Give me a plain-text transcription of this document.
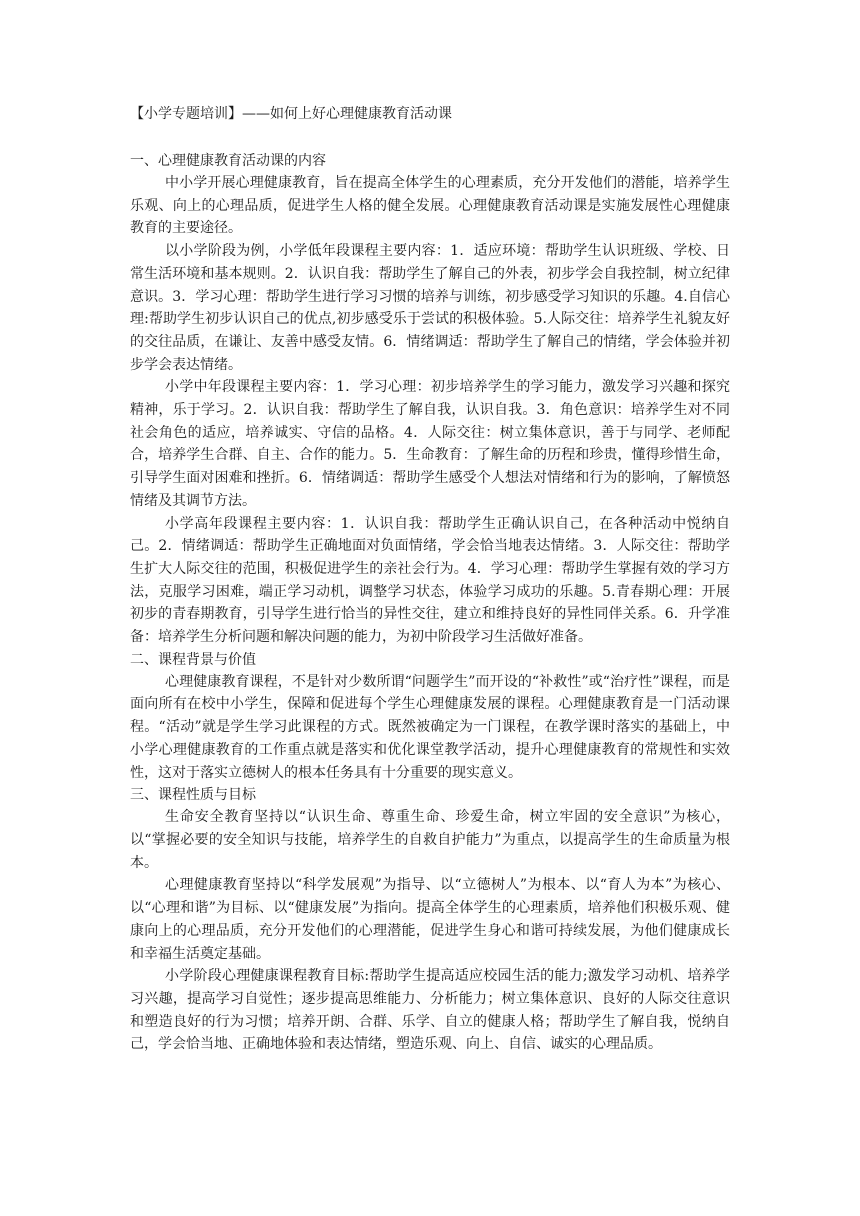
【小学专题培训】——如何上好心理健康教育活动课
一、心理健康教育活动课的内容

中小学开展心理健康教育，旨在提高全体学生的心理素质，充分开发他们的潜能，培养学生乐观、向上的心理品质，促进学生人格的健全发展。心理健康教育活动课是实施发展性心理健康教育的主要途径。

以小学阶段为例，小学低年段课程主要内容：1．适应环境：帮助学生认识班级、学校、日常生活环境和基本规则。2．认识自我：帮助学生了解自己的外表，初步学会自我控制，树立纪律意识。3．学习心理：帮助学生进行学习习惯的培养与训练，初步感受学习知识的乐趣。4.自信心理:帮助学生初步认识自己的优点,初步感受乐于尝试的积极体验。5.人际交往：培养学生礼貌友好的交往品质，在谦让、友善中感受友情。6．情绪调适：帮助学生了解自己的情绪，学会体验并初步学会表达情绪。

小学中年段课程主要内容：1．学习心理：初步培养学生的学习能力，激发学习兴趣和探究精神，乐于学习。2．认识自我：帮助学生了解自我，认识自我。3．角色意识：培养学生对不同社会角色的适应，培养诚实、守信的品格。4．人际交往：树立集体意识，善于与同学、老师配合，培养学生合群、自主、合作的能力。5．生命教育：了解生命的历程和珍贵，懂得珍惜生命，引导学生面对困难和挫折。6．情绪调适：帮助学生感受个人想法对情绪和行为的影响，了解愤怒情绪及其调节方法。

小学高年段课程主要内容：1．认识自我：帮助学生正确认识自己，在各种活动中悦纳自己。2．情绪调适：帮助学生正确地面对负面情绪，学会恰当地表达情绪。3．人际交往：帮助学生扩大人际交往的范围，积极促进学生的亲社会行为。4．学习心理：帮助学生掌握有效的学习方法，克服学习困难，端正学习动机，调整学习状态，体验学习成功的乐趣。5.青春期心理：开展初步的青春期教育，引导学生进行恰当的异性交往，建立和维持良好的异性同伴关系。6．升学准备：培养学生分析问题和解决问题的能力，为初中阶段学习生活做好准备。

二、课程背景与价值

心理健康教育课程，不是针对少数所谓“问题学生”而开设的“补救性”或“治疗性”课程，而是面向所有在校中小学生，保障和促进每个学生心理健康发展的课程。心理健康教育是一门活动课程。“活动”就是学生学习此课程的方式。既然被确定为一门课程，在教学课时落实的基础上，中小学心理健康教育的工作重点就是落实和优化课堂教学活动，提升心理健康教育的常规性和实效性，这对于落实立德树人的根本任务具有十分重要的现实意义。

三、课程性质与目标

生命安全教育坚持以“认识生命、尊重生命、珍爱生命，树立牢固的安全意识”为核心，以“掌握必要的安全知识与技能，培养学生的自救自护能力”为重点，以提高学生的生命质量为根本。

心理健康教育坚持以“科学发展观”为指导、以“立德树人”为根本、以“育人为本”为核心、以“心理和谐”为目标、以“健康发展”为指向。提高全体学生的心理素质，培养他们积极乐观、健康向上的心理品质，充分开发他们的心理潜能，促进学生身心和谐可持续发展，为他们健康成长和幸福生活奠定基础。

小学阶段心理健康课程教育目标:帮助学生提高适应校园生活的能力;激发学习动机、培养学习兴趣，提高学习自觉性；逐步提高思维能力、分析能力；树立集体意识、良好的人际交往意识和塑造良好的行为习惯；培养开朗、合群、乐学、自立的健康人格；帮助学生了解自我，悦纳自己，学会恰当地、正确地体验和表达情绪，塑造乐观、向上、自信、诚实的心理品质。
